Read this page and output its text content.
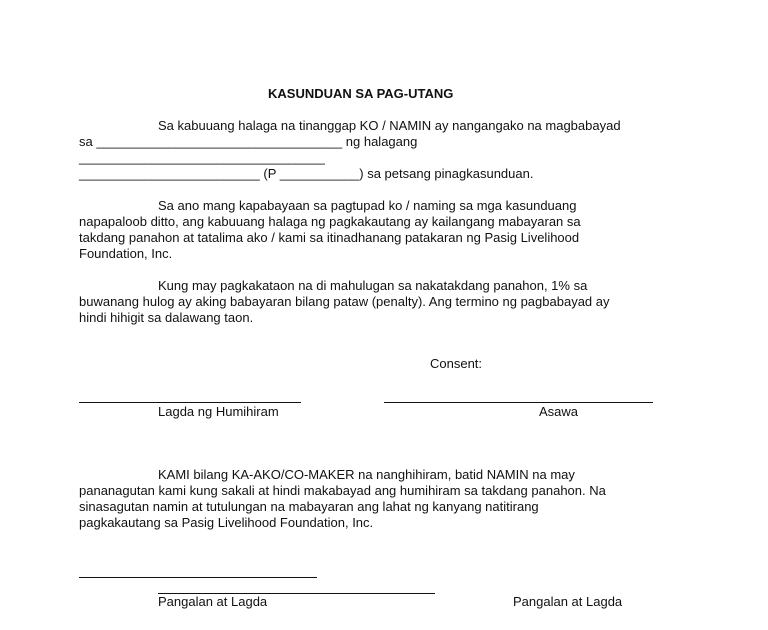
KASUNDUAN SA PAG-UTANG
Sa kabuuang halaga na tinanggap KO / NAMIN ay nangangako na magbabayad
sa __________________________________ ng halagang
__________________________________
_________________________ (P ___________) sa petsang pinagkasunduan.
Sa ano mang kapabayaan sa pagtupad ko / naming sa mga kasunduang
napapaloob ditto, ang kabuuang halaga ng pagkakautang ay kailangang mabayaran sa
takdang panahon at tatalima ako / kami sa itinadhanang patakaran ng Pasig Livelihood
Foundation, Inc.
Kung may pagkakataon na di mahulugan sa nakatakdang panahon, 1% sa
buwanang hulog ay aking babayaran bilang pataw (penalty). Ang termino ng pagbabayad ay
hindi hihigit sa dalawang taon.
Consent:
Lagda ng Humihiram	Asawa
KAMI bilang KA-AKO/CO-MAKER na nanghihiram, batid NAMIN na may
pananagutan kami kung sakali at hindi makabayad ang humihiram sa takdang panahon. Na
sinasagutan namin at tutulungan na mabayaran ang lahat ng kanyang natitirang
pagkakautang sa Pasig Livelihood Foundation, Inc.
Pangalan at Lagda	Pangalan at Lagda
